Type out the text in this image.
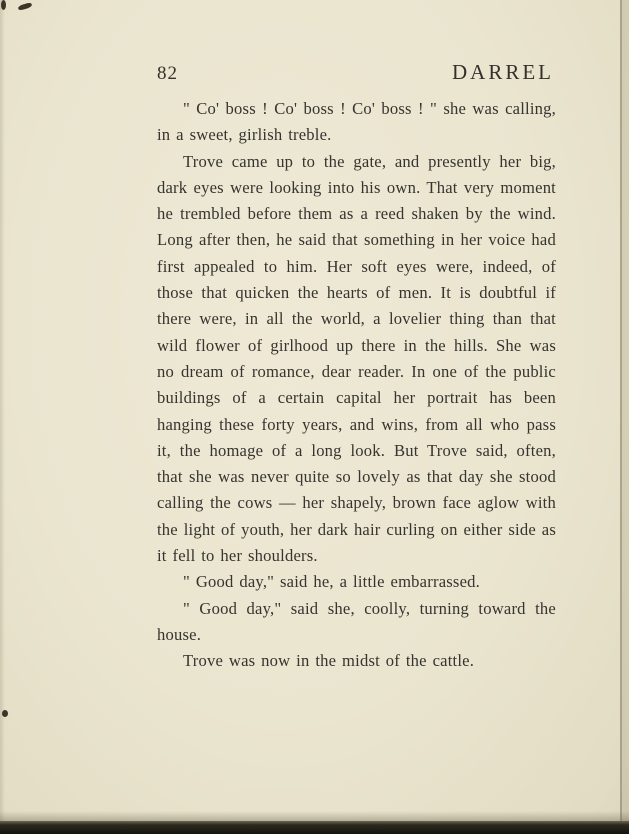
82	DARREL

" Co' boss ! Co' boss ! Co' boss ! " she was calling, in a sweet, girlish treble.

Trove came up to the gate, and presently her big, dark eyes were looking into his own. That very moment he trembled before them as a reed shaken by the wind. Long after then, he said that something in her voice had first appealed to him. Her soft eyes were, indeed, of those that quicken the hearts of men. It is doubtful if there were, in all the world, a lovelier thing than that wild flower of girlhood up there in the hills. She was no dream of romance, dear reader. In one of the public buildings of a certain capital her portrait has been hanging these forty years, and wins, from all who pass it, the homage of a long look. But Trove said, often, that she was never quite so lovely as that day she stood calling the cows — her shapely, brown face aglow with the light of youth, her dark hair curling on either side as it fell to her shoulders.

" Good day," said he, a little embarrassed.

" Good day," said she, coolly, turning toward the house.

Trove was now in the midst of the cattle.
